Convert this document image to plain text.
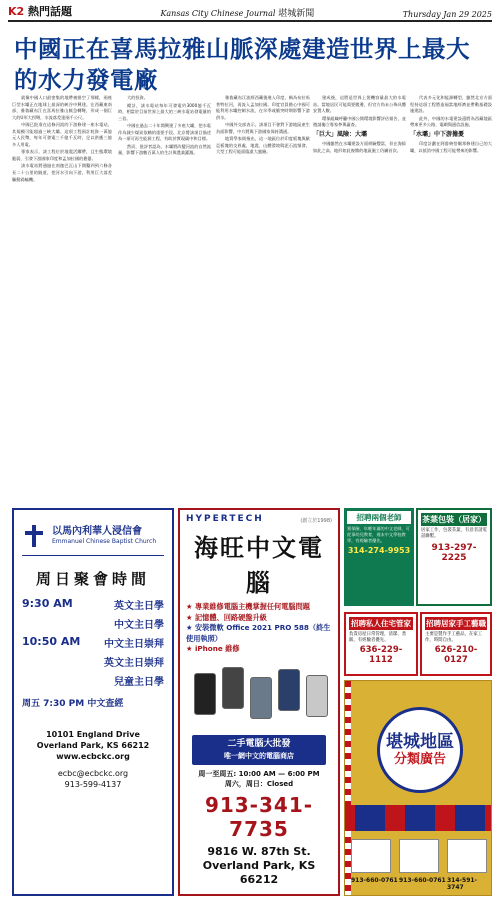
K2 熱門話題	Kansas City Chinese Journal 堪城新聞	Thursday Jan 29 2025
中國正在喜馬拉雅山脈深處建造世界上最大
的水力發電廠

就像中國人口最密集的地帶被排空了那樣，兩座巨型水壩正在地球上最深的峽谷中興建。在西藏東南部，雅魯藏布江在喜馬拉雅山脈急轉彎，形成一個巨大的U形大拐彎，水流落差達兩千公尺。

中國已批准在這條河流的下游修建一座水電站，其規模可能超過三峽大壩。這項工程預計耗資一萬億元人民幣，每年可發電三千億千瓦時，足以供應三億多人用電。

專家表示，該工程位於地震活躍帶，且生態環境脆弱，引發下游國家印度和孟加拉國的擔憂。

該水電站將通過在南迦巴瓦山下開鑿四到六條各長二十公里的隧道，把河水引向下游，利用巨大落差驅動渦輪機。

大的投資。

總計，該水電站每年可發電約3000億千瓦時，相當於目前世界上最大的三峽水電站發電量的三倍。

中國在過去二十年間興建了多座大壩，把水電作為減少煤炭依賴的重要手段。北京將該項目描述為一項可再生能源工程，有助於實現碳中和目標。

然而，批評者認為，水壩將改變河流的自然流量，影響下游數百萬人的生計與農業灌溉。

雅魯藏布江流經西藏後進入印度，稱為布拉馬普特拉河，再流入孟加拉國。印度官員擔心中國可能利用水壩控制水流，在旱季或衝突時期影響下游供水。

中國外交部表示，該項目不會對下游地區產生負面影響，中方將與下游國家保持溝通。

地質學家則指出，這一地區位於印度板塊與歐亞板塊的交界處，地震、山體滑坡與泥石流頻發，大型工程可能面臨重大風險。

建成後，這將是世界上裝機容量最大的水電站。當地居民可能需要搬遷，但官方尚未公佈具體安置人數。

環保組織呼籲中國公開環境影響評估報告，並邀請獨立專家參與審查。

「巨大」風險：大壩

中國雖然在水壩建設方面經驗豐富，但在海拔如此之高、地形如此複雜的地區施工仍屬首次。

代表多元化和能源轉型，雖然北京方面堅持這項工程將造福當地經濟並帶動基礎設施建設。

此外，中國的水電建設還將為西藏地區帶來更多公路、電網與通信設施。

「水壩」中下游擔憂

印度計劃在阿魯納恰爾邦修建自己的大壩，以抵消中國工程可能帶來的影響。

以馬內利華人浸信會
Emmanuel Chinese Baptist Church
周日聚會時間
9:30 AM	英文主日學
中文主日學
10:50 AM 中文主日崇拜
英文主日崇拜
兒童主日學
周五 7:30 PM 中文查經
10101 England Drive
Overland Park, KS 66212
www.ecbckc.org
ecbc@ecbckc.org
913-599-4137
(創立於1998)
HYPERTECH
海旺中文電腦
★ 專業維修電腦主機掌握任何電腦問題
★ 記憶體、回路硬盤升級
★ 安裝微軟 Office 2021 PRO 588（終生使用執照）
★ iPhone 維修
二手電腦大批發
唯一網中文的電腦商店
周一至周五: 10:00 AM — 6:00 PM
周六，周日：Closed
913-341-7735
9816 W. 87th St.
Overland Park, KS 66212
招聘兩個老師
賣保險、年輕年滿的中文老師，可從事幼兒教育，週末中文學校教學，有經驗者優先。
314-274-9953
茶葉包裝（居家）
居家工作，包裝茶葉，有意者請電話聯繫。
913-297-2225
招聘私人住宅管家
負責房屋日常管理，清潔、煮飯，有經驗者優先。
636-229-1112
招聘居家手工藝職
主要是製作手工藝品，在家工作，時間自由。
626-210-0127
堪城地區
分類廣告
913-660-0761 913-660-0761 314-591-3747
